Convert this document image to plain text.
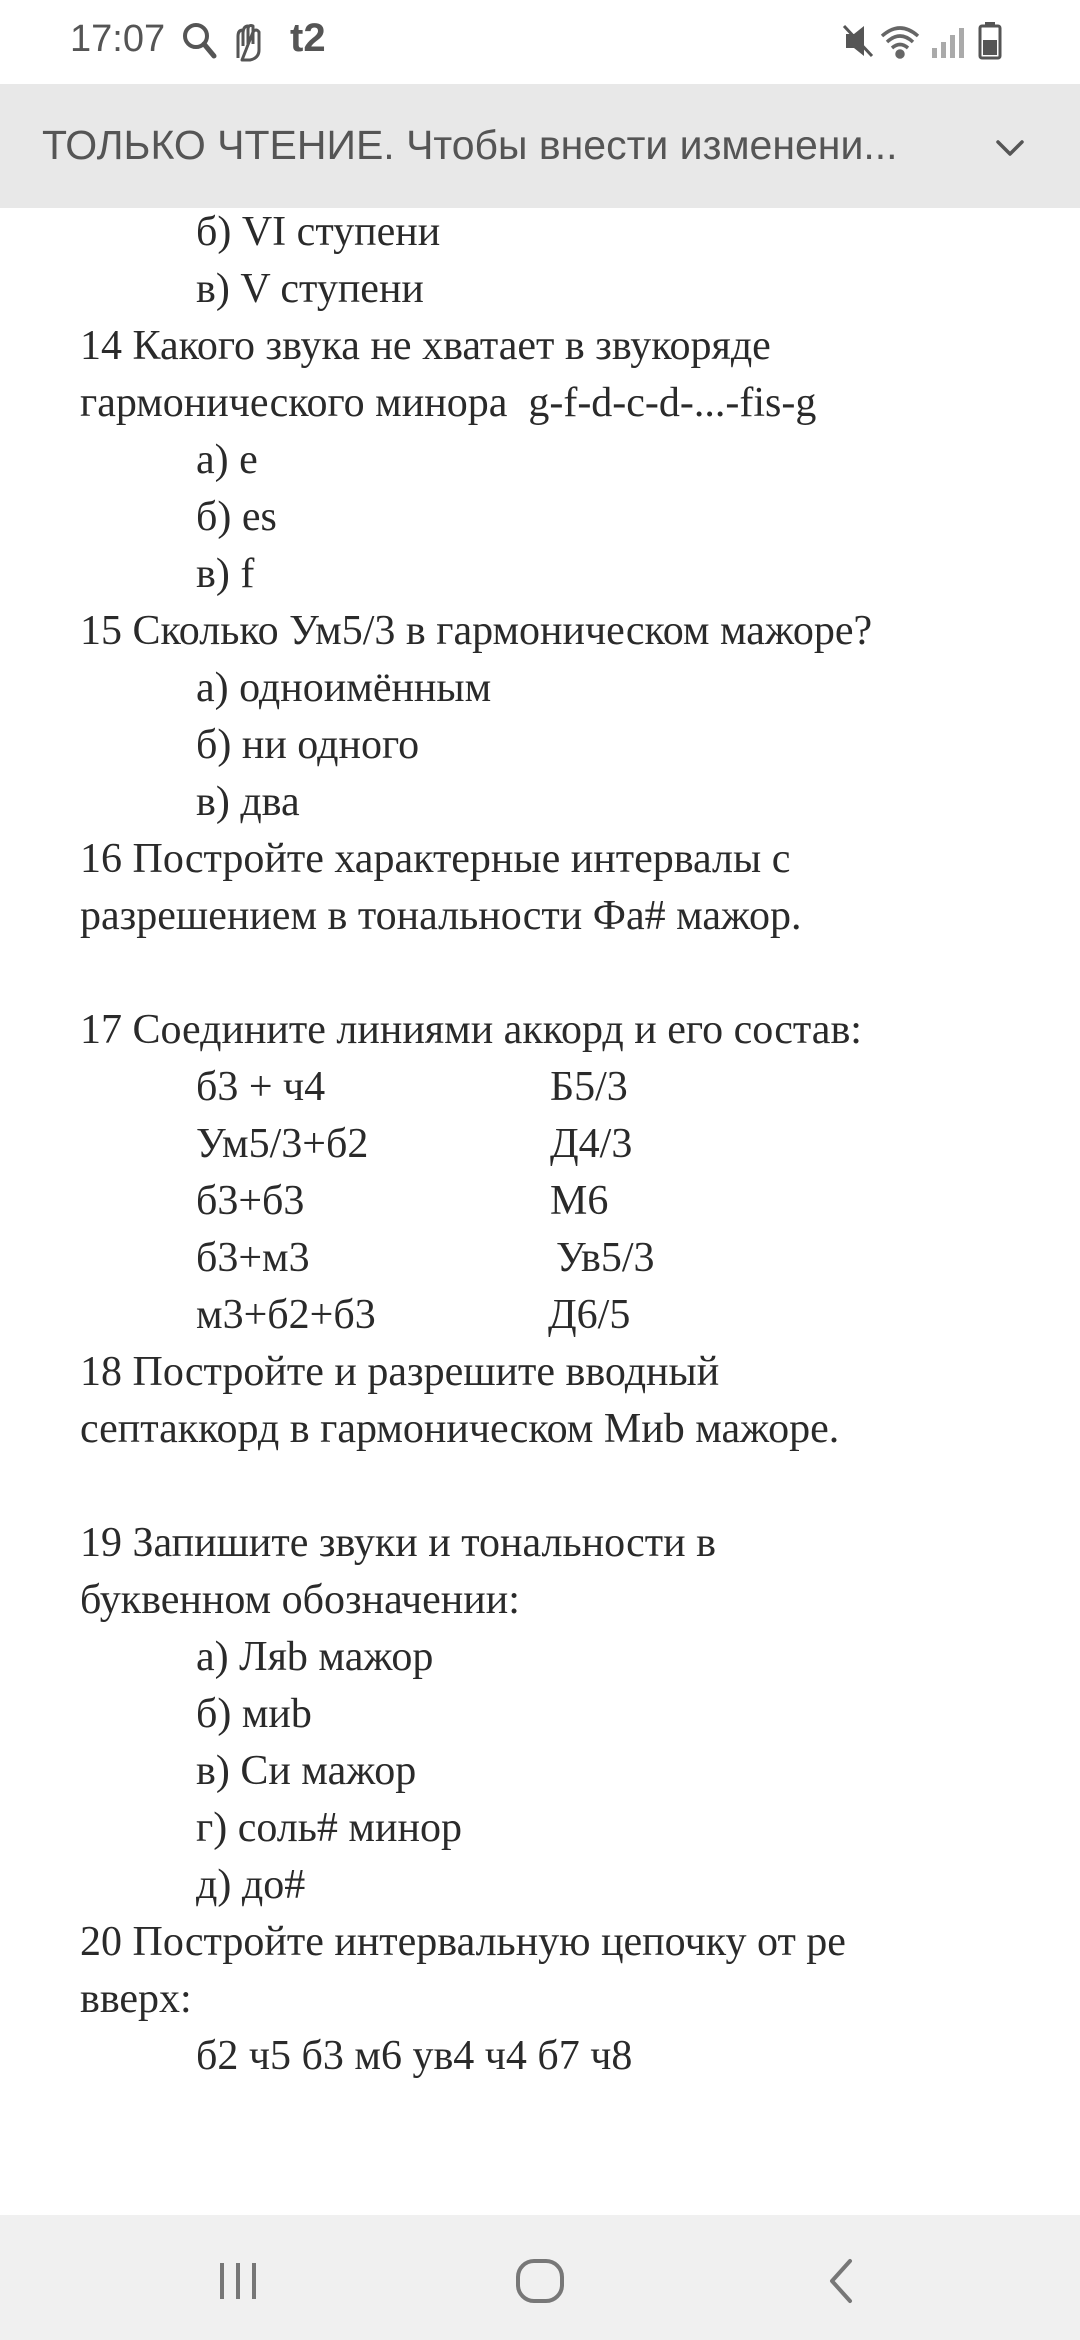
17:07	t2
ТОЛЬКО ЧТЕНИЕ. Чтобы внести изменени...
б) VI ступени
в) V ступени
14 Какого звука не хватает в звукоряде
гармонического минора  g-f-d-c-d-...-fis-g
а) е
б) es
в) f
15 Сколько Ум5/3 в гармоническом мажоре?
а) одноимённым
б) ни одного
в) два
16 Постройте характерные интервалы с
разрешением в тональности Фа# мажор.
17 Соедините линиями аккорд и его состав:
б3 + ч4	Б5/3
Ум5/3+б2	Д4/3
б3+б3	М6
б3+м3	Ув5/3
м3+б2+б3	Д6/5
18 Постройте и разрешите вводный
септаккорд в гармоническом Миb мажоре.
19 Запишите звуки и тональности в
буквенном обозначении:
а) Ляb мажор
б) миb
в) Си мажор
г) соль# минор
д) до#
20 Постройте интервальную цепочку от ре
вверх:
б2 ч5 б3 м6 ув4 ч4 б7 ч8
